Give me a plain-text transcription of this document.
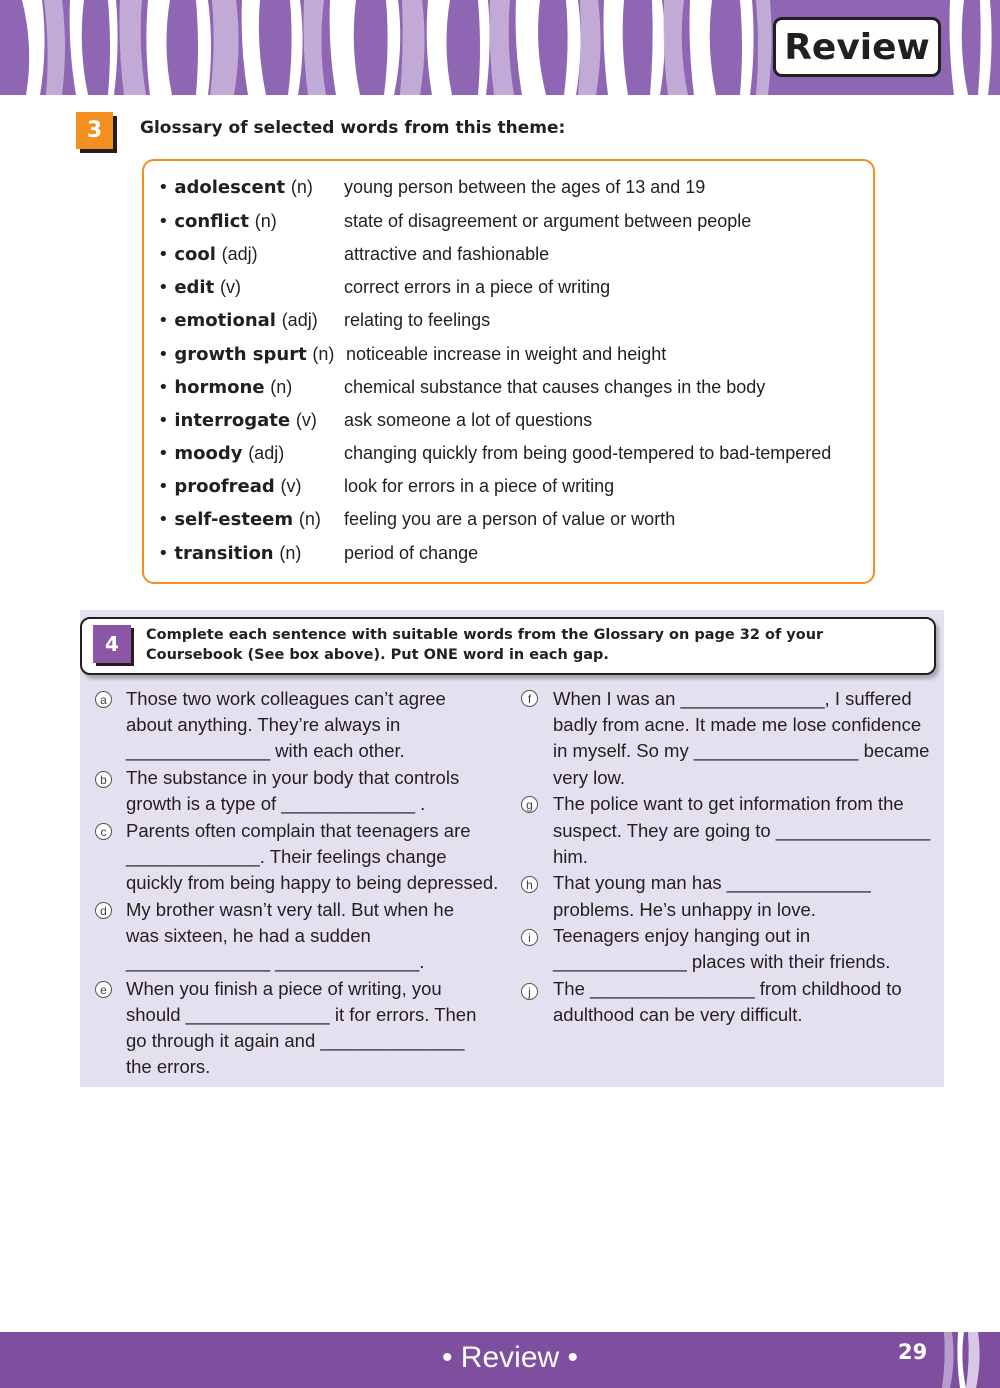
Review
3	Glossary of selected words from this theme:
• adolescent (n) young person between the ages of 13 and 19
• conflict (n)	state of disagreement or argument between people
• cool (adj)	attractive and fashionable
• edit (v)	correct errors in a piece of writing
• emotional (adj) relating to feelings
• growth spurt (n) noticeable increase in weight and height
• hormone (n)	chemical substance that causes changes in the body
• interrogate (v) ask someone a lot of questions
• moody (adj)	changing quickly from being good-tempered to bad-tempered
• proofread (v) look for errors in a piece of writing
• self-esteem (n) feeling you are a person of value or worth
• transition (n) period of change
4	Complete each sentence with suitable words from the Glossary on page 32 of your
Coursebook (See box above). Put ONE word in each gap.
a Those two work colleagues can’t agree
about anything. They’re always in
______________ with each other.
b The substance in your body that controls
growth is a type of _____________ .
c Parents often complain that teenagers are
_____________. Their feelings change
quickly from being happy to being depressed.
d My brother wasn’t very tall. But when he
was sixteen, he had a sudden
______________ ______________.
e When you finish a piece of writing, you
should ______________ it for errors. Then
go through it again and ______________
the errors.
f	When I was an ______________, I suffered
badly from acne. It made me lose confidence
in myself. So my ________________ became
very low.
g The police want to get information from the
suspect. They are going to _______________
him.
h That young man has ______________
problems. He’s unhappy in love.
i	Teenagers enjoy hanging out in
_____________ places with their friends.
j	The ________________ from childhood to
adulthood can be very difficult.
• Review •	29
